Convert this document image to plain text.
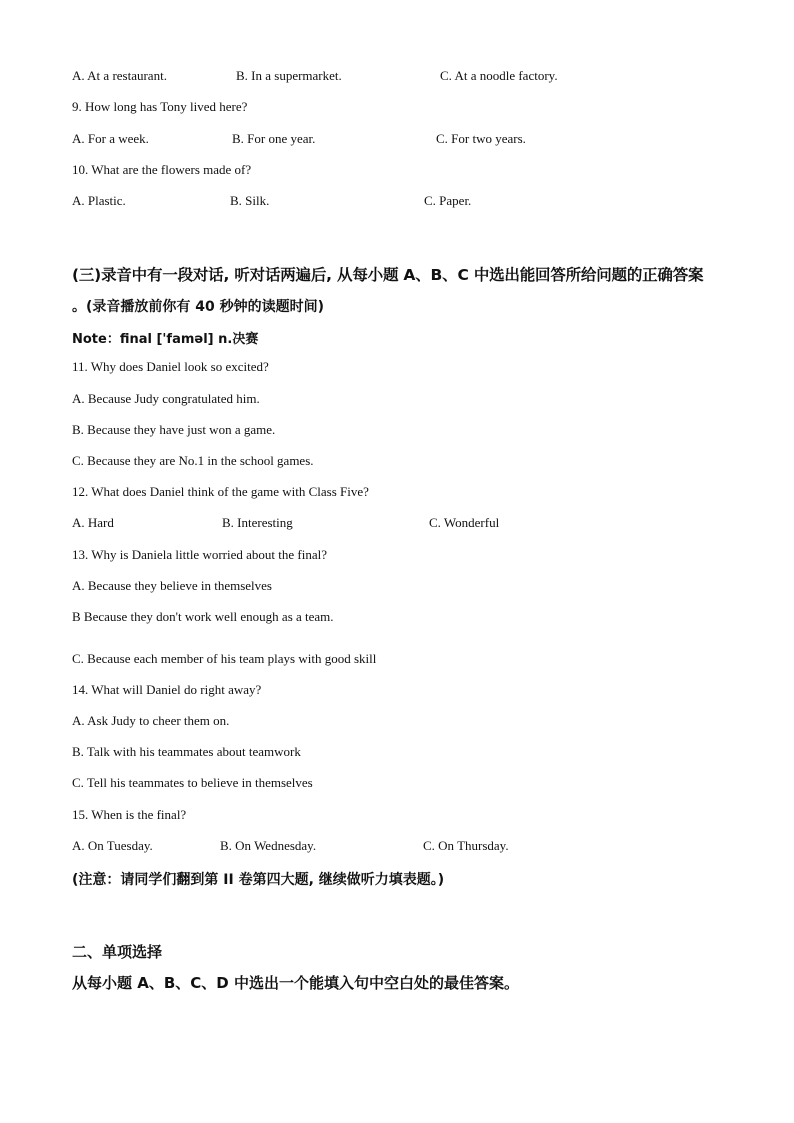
A. At a restaurant.	B. In a supermarket.	C. At a noodle factory.
9. How long has Tony lived here?
A. For a week.	B. For one year.	C. For two years.
10. What are the flowers made of?
A. Plastic.	B. Silk.	C. Paper.
(三)录音中有一段对话, 听对话两遍后, 从每小题 A、B、C 中选出能回答所给问题的正确答案
。(录音播放前你有 40 秒钟的读题时间)
Note：final ['faməl] n.决赛
11. Why does Daniel look so excited?
A. Because Judy congratulated him.
B. Because they have just won a game.
C. Because they are No.1 in the school games.
12. What does Daniel think of the game with Class Five?
A. Hard	B. Interesting	C. Wonderful
13. Why is Daniela little worried about the final?
A. Because they believe in themselves
B Because they don't work well enough as a team.
C. Because each member of his team plays with good skill
14. What will Daniel do right away?
A. Ask Judy to cheer them on.
B. Talk with his teammates about teamwork
C. Tell his teammates to believe in themselves
15. When is the final?
A. On Tuesday.	B. On Wednesday.	C. On Thursday.
(注意：请同学们翻到第 II 卷第四大题, 继续做听力填表题。)
二、单项选择
从每小题 A、B、C、D 中选出一个能填入句中空白处的最佳答案。
